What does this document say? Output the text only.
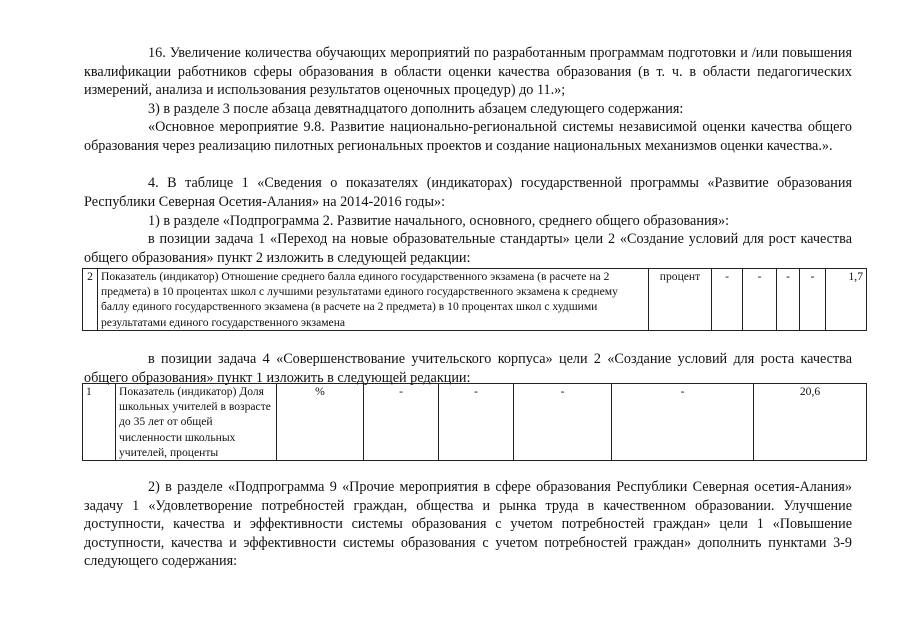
16. Увеличение количества обучающих мероприятий по разработанным программам подготовки и /или повышения квалификации работников сферы образования в области оценки качества образования (в т. ч. в области педагогических измерений, анализа и использования результатов оценочных процедур) до 11.»;

3) в разделе 3 после абзаца девятнадцатого дополнить абзацем следующего содержания:

«Основное мероприятие 9.8. Развитие национально-региональной системы независимой оценки качества общего образования через реализацию пилотных региональных проектов и создание национальных механизмов оценки качества.».

4. В таблице 1 «Сведения о показателях (индикаторах) государственной программы «Развитие образования Республики Северная Осетия-Алания» на 2014-2016 годы»:

1) в разделе «Подпрограмма 2. Развитие начального, основного, среднего общего образования»:

в позиции задача 1 «Переход на новые образовательные стандарты» цели 2 «Создание условий для рост качества общего образования» пункт 2 изложить в следующей редакции:

2	Показатель (индикатор) Отношение среднего балла единого государственного экзамена (в расчете на 2 предмета) в 10 процентах школ с лучшими результатами единого государственного экзамена к среднему баллу единого государственного экзамена (в расчете на 2 предмета) в 10 процентах школ с худшими результатами единого государственного экзамена	процент	-	-	-	-	1,7

в позиции задача 4 «Совершенствование учительского корпуса» цели 2 «Создание условий для роста качества общего образования» пункт 1 изложить в следующей редакции:

1	Показатель (индикатор) Доля школьных учителей в возрасте до 35 лет от общей численности школьных учителей, проценты	%	-	-	-	-	20,6

2) в разделе «Подпрограмма 9 «Прочие мероприятия в сфере образования Республики Северная осетия-Алания» задачу 1 «Удовлетворение потребностей граждан, общества и рынка труда в качественном образовании. Улучшение доступности, качества и эффективности системы образования с учетом потребностей граждан» цели 1 «Повышение доступности, качества и эффективности системы образования с учетом потребностей граждан» дополнить пунктами 3-9 следующего содержания:
